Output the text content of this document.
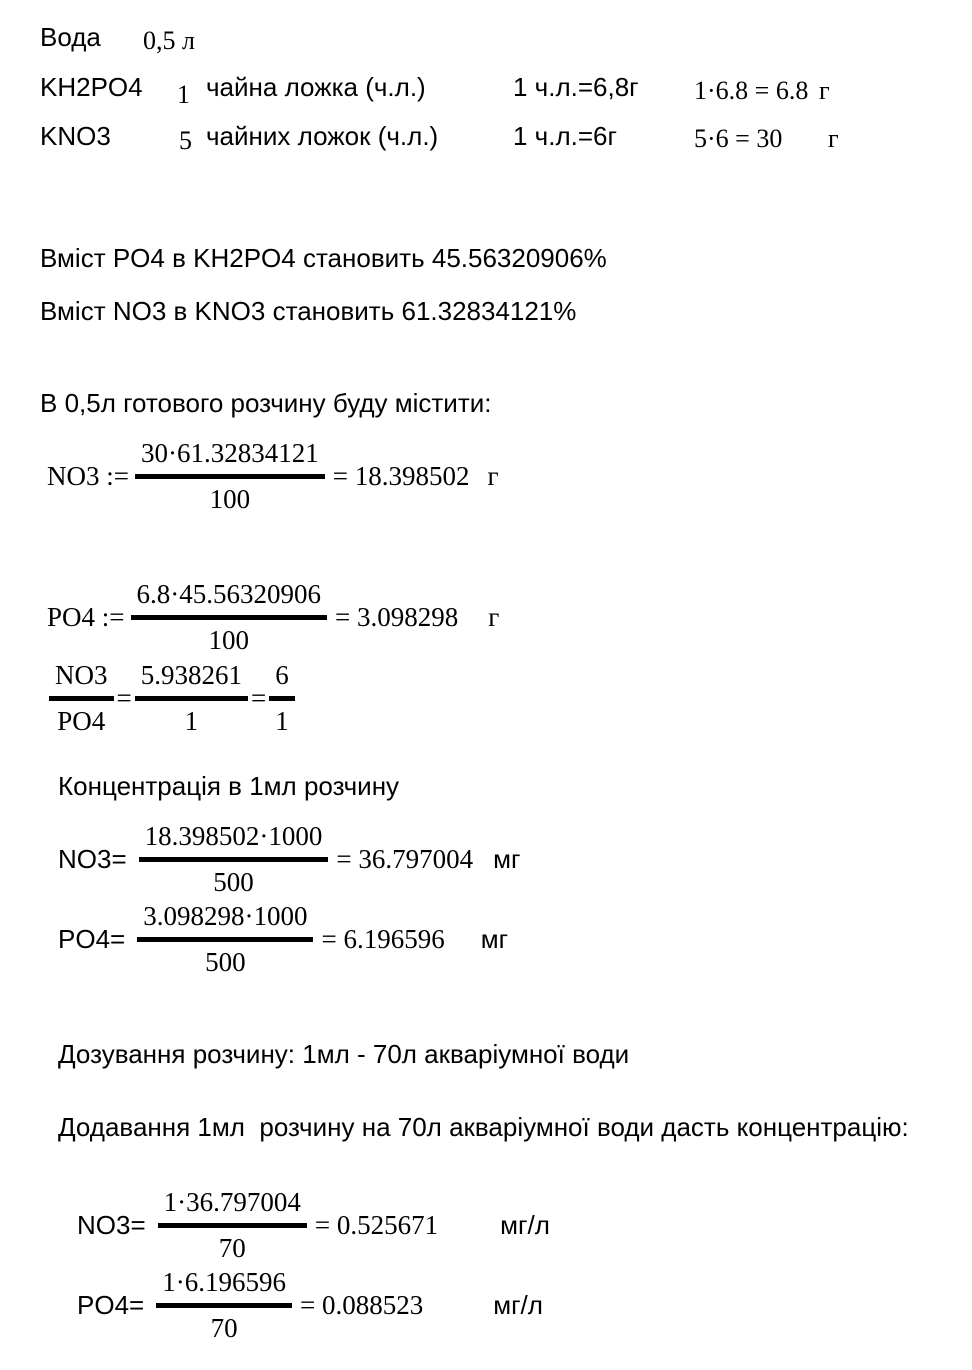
Вода 0,5 л
KH2PO4 1 чайна ложка (ч.л.)	1 ч.л.=6,8г 1·6.8 = 6.8 г
KNO3	5 чайних ложок (ч.л.)	1 ч.л.=6г	5·6 = 30 г
Вміст PO4 в KH2PO4 становить 45.56320906%
Вміст NO3 в KNO3 становить 61.32834121%
В 0,5л готового розчину буду містити:
NO3 :=
30·61.32834121
100
= 18.398502 г
PO4 :=
6.8·45.56320906
100
= 3.098298 г
NO3
PO4
=
5.938261
1
=
6
1
Концентрація в 1мл розчину
NO3=
18.398502·1000
500
= 36.797004 мг
PO4=
3.098298·1000
500
= 6.196596 мг
Дозування розчину: 1мл - 70л акваріумної води
Додавання 1мл  розчину на 70л акваріумної води дасть концентрацію:
NO3=
1·36.797004
70
= 0.525671 мг/л
PO4=
1·6.196596
70
= 0.088523	мг/л
